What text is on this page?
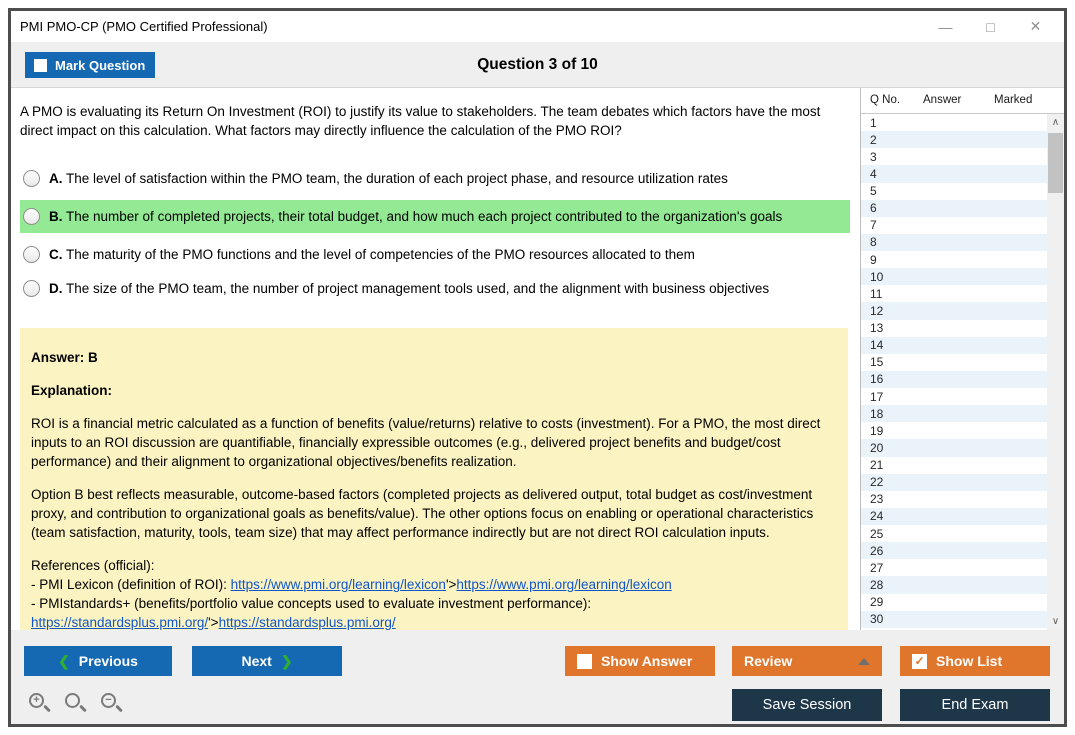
PMI PMO-CP (PMO Certified Professional)	—	□	✕
Question 3 of 10
Mark Question
A PMO is evaluating its Return On Investment (ROI) to justify its value to stakeholders. The team debates which factors have the most direct impact on this calculation. What factors may directly influence the calculation of the PMO ROI?
A. The level of satisfaction within the PMO team, the duration of each project phase, and resource utilization rates
B. The number of completed projects, their total budget, and how much each project contributed to the organization's goals
C. The maturity of the PMO functions and the level of competencies of the PMO resources allocated to them
D. The size of the PMO team, the number of project management tools used, and the alignment with business objectives
Answer: B
Explanation:
ROI is a financial metric calculated as a function of benefits (value/returns) relative to costs (investment). For a PMO, the most direct inputs to an ROI discussion are quantifiable, financially expressible outcomes (e.g., delivered project benefits and budget/cost performance) and their alignment to organizational objectives/benefits realization.
Option B best reflects measurable, outcome-based factors (completed projects as delivered output, total budget as cost/investment proxy, and contribution to organizational goals as benefits/value). The other options focus on enabling or operational characteristics (team satisfaction, maturity, tools, team size) that may affect performance indirectly but are not direct ROI calculation inputs.
References (official):
- PMI Lexicon (definition of ROI): https://www.pmi.org/learning/lexicon'>https://www.pmi.org/learning/lexicon
- PMIstandards+ (benefits/portfolio value concepts used to evaluate investment performance):
https://standardsplus.pmi.org/'>https://standardsplus.pmi.org/
Q No. Answer	Marked
1
2
3
4
5
6
7
8
9
10
11
12
13
14
15
16
17
18
19
20
21
22
23
24
25
26
27
28
29
30
∧
∨
❮ Previous	Next ❯	Show Answer	Review	✓ Show List
Save Session	End Exam
+	−
